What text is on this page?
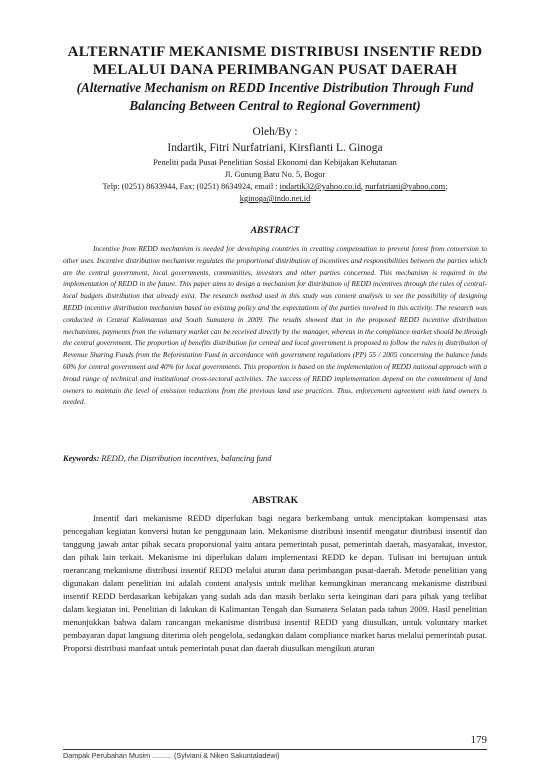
ALTERNATIF MEKANISME DISTRIBUSI INSENTIF REDD
MELALUI DANA PERIMBANGAN PUSAT DAERAH
(Alternative Mechanism on REDD Incentive Distribution Through Fund
Balancing Between Central to Regional Government)
Oleh/By :
Indartik, Fitri Nurfatriani, Kirsfianti L. Ginoga
Peneliti pada Pusat Penelitian Sosial Ekonomi dan Kebijakan Kehutanan
Jl. Gunung Batu No. 5, Bogor
Telp: (0251) 8633944, Fax: (0251) 8634924, email : indartik32@yahoo.co.id, nurfatriani@yahoo.com;
kginoga@indo.net.id
ABSTRACT

Incentive from REDD mechanism is needed for developing countries in creating compensation to prevent forest from conversion to other uses. Incentive distribution mechanism regulates the proportional distribution of incentives and responsibilities between the parties which are the central government, local governments, communities, investors and other parties concerned. This mechanism is required in the implementation of REDD in the future. This paper aims to design a mechanism for distribution of REDD incentives through the rules of central-local budgets distribution that already exist. The research method used in this study was content analysis to see the possibility of designing REDD incentive distribution mechanism based on existing policy and the expectations of the parties involved in this activity. The research was conducted in Central Kalimantan and South Sumatera in 2009. The results showed that in the proposed REDD incentive distribution mechanisms, payments from the voluntary market can be received directly by the manager, whereas in the compliance market should be through the central government. The proportion of benefits distribution for central and local government is proposed to follow the rules in distribution of Revenue Sharing Funds from the Reforestation Fund in accordance with government regulations (PP) 55 / 2005 concerning the balance funds 60% for central government and 40% for local governments. This proportion is based on the implementation of REDD national approach with a broad range of technical and institutional cross-sectoral activities. The success of REDD implementation depend on the commitment of land owners to maintain the level of emission reductions from the previous land use practices. Thus, enforcement agreement with land owners is needed.

Keywords: REDD, the Distribution incentives, balancing fund
ABSTRAK

Insentif dari mekanisme REDD diperlukan bagi negara berkembang untuk menciptakan kompensasi atas pencegahan kegiatan konversi hutan ke penggunaan lain. Mekanisme distribusi insentif mengatur distribusi insentif dan tanggung jawab antar pihak secara proporsional yaitu antara pemerintah pusat, pemerintah daerah, masyarakat, investor, dan pihak lain terkait. Mekanisme ini diperlukan dalam implementasi REDD ke depan. Tulisan ini bertujuan untuk merancang mekanisme distribusi insentif REDD melalui aturan dana perimbangan pusat-daerah. Metode penelitian yang digunakan dalam penelitian ini adalah content analysis untuk melihat kemungkinan merancang mekanisme distribusi insentif REDD berdasarkan kebijakan yang sudah ada dan masih berlaku serta keinginan dari para pihak yang terlibat dalam kegiatan ini. Penelitian di lakukan di Kalimantan Tengah dan Sumatera Selatan pada tahun 2009. Hasil penelitian menunjukkan bahwa dalam rancangan mekanisme distribusi insentif REDD yang diusulkan, untuk voluntary market pembayaran dapat langsung diterima oleh pengelola, sedangkan dalam compliance market harus melalui pemerintah pusat. Proporsi distribusi manfaat untuk pemerintah pusat dan daerah diusulkan mengikuti aturan

179
Dampak Perubahan Musim .......... (Sylviani & Niken Sakuntaladewi)
